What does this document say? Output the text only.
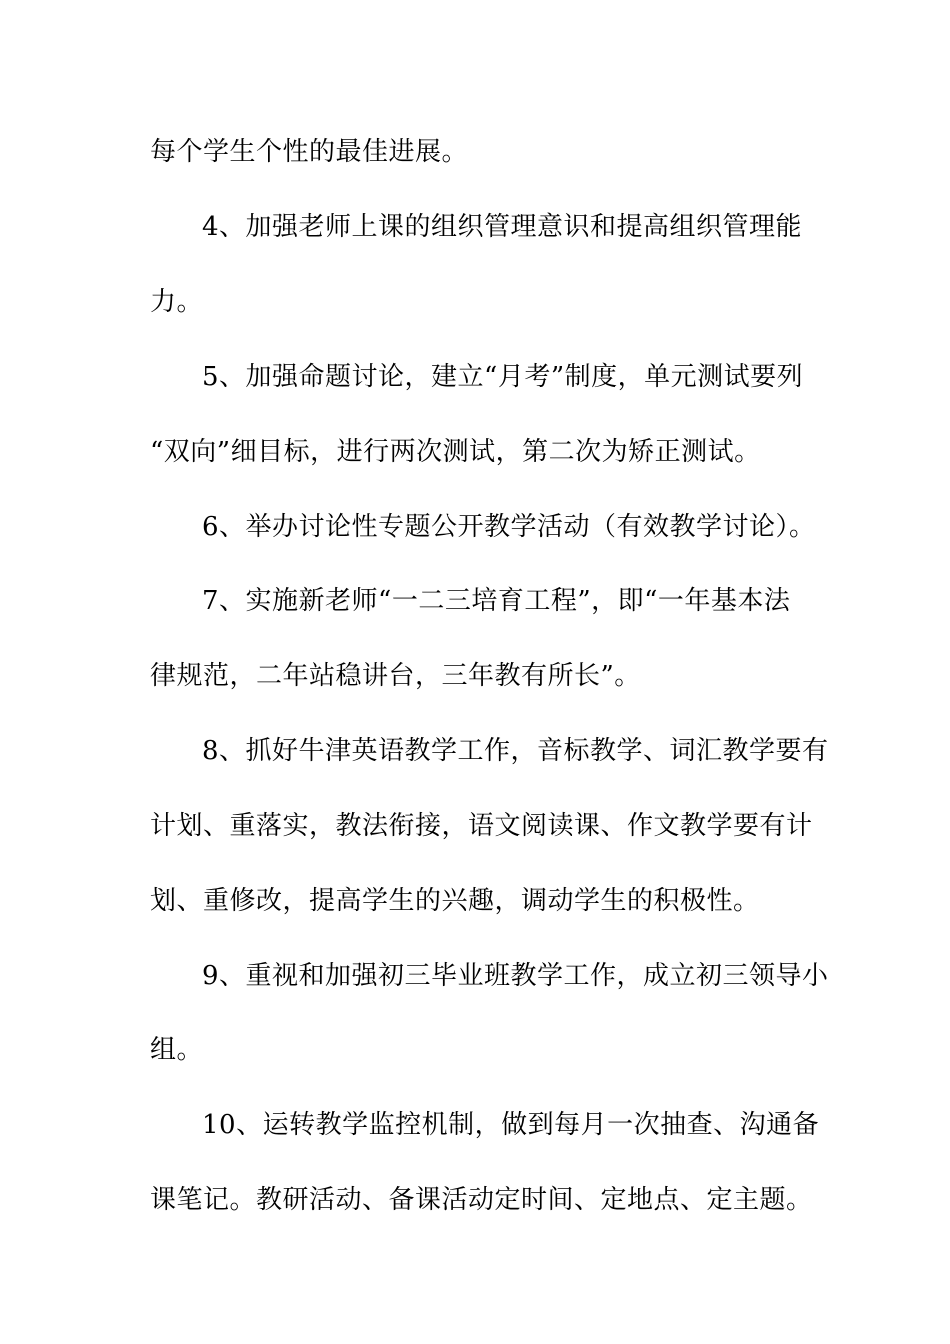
每个学生个性的最佳进展。
4、加强老师上课的组织管理意识和提高组织管理能
力。
5、加强命题讨论，建立“月考”制度，单元测试要列
“双向”细目标，进行两次测试，第二次为矫正测试。
6、举办讨论性专题公开教学活动（有效教学讨论）。
7、实施新老师“一二三培育工程”，即“一年基本法
律规范，二年站稳讲台，三年教有所长”。
8、抓好牛津英语教学工作，音标教学、词汇教学要有
计划、重落实，教法衔接，语文阅读课、作文教学要有计
划、重修改，提高学生的兴趣，调动学生的积极性。
9、重视和加强初三毕业班教学工作，成立初三领导小
组。
10、运转教学监控机制，做到每月一次抽查、沟通备
课笔记。教研活动、备课活动定时间、定地点、定主题。
